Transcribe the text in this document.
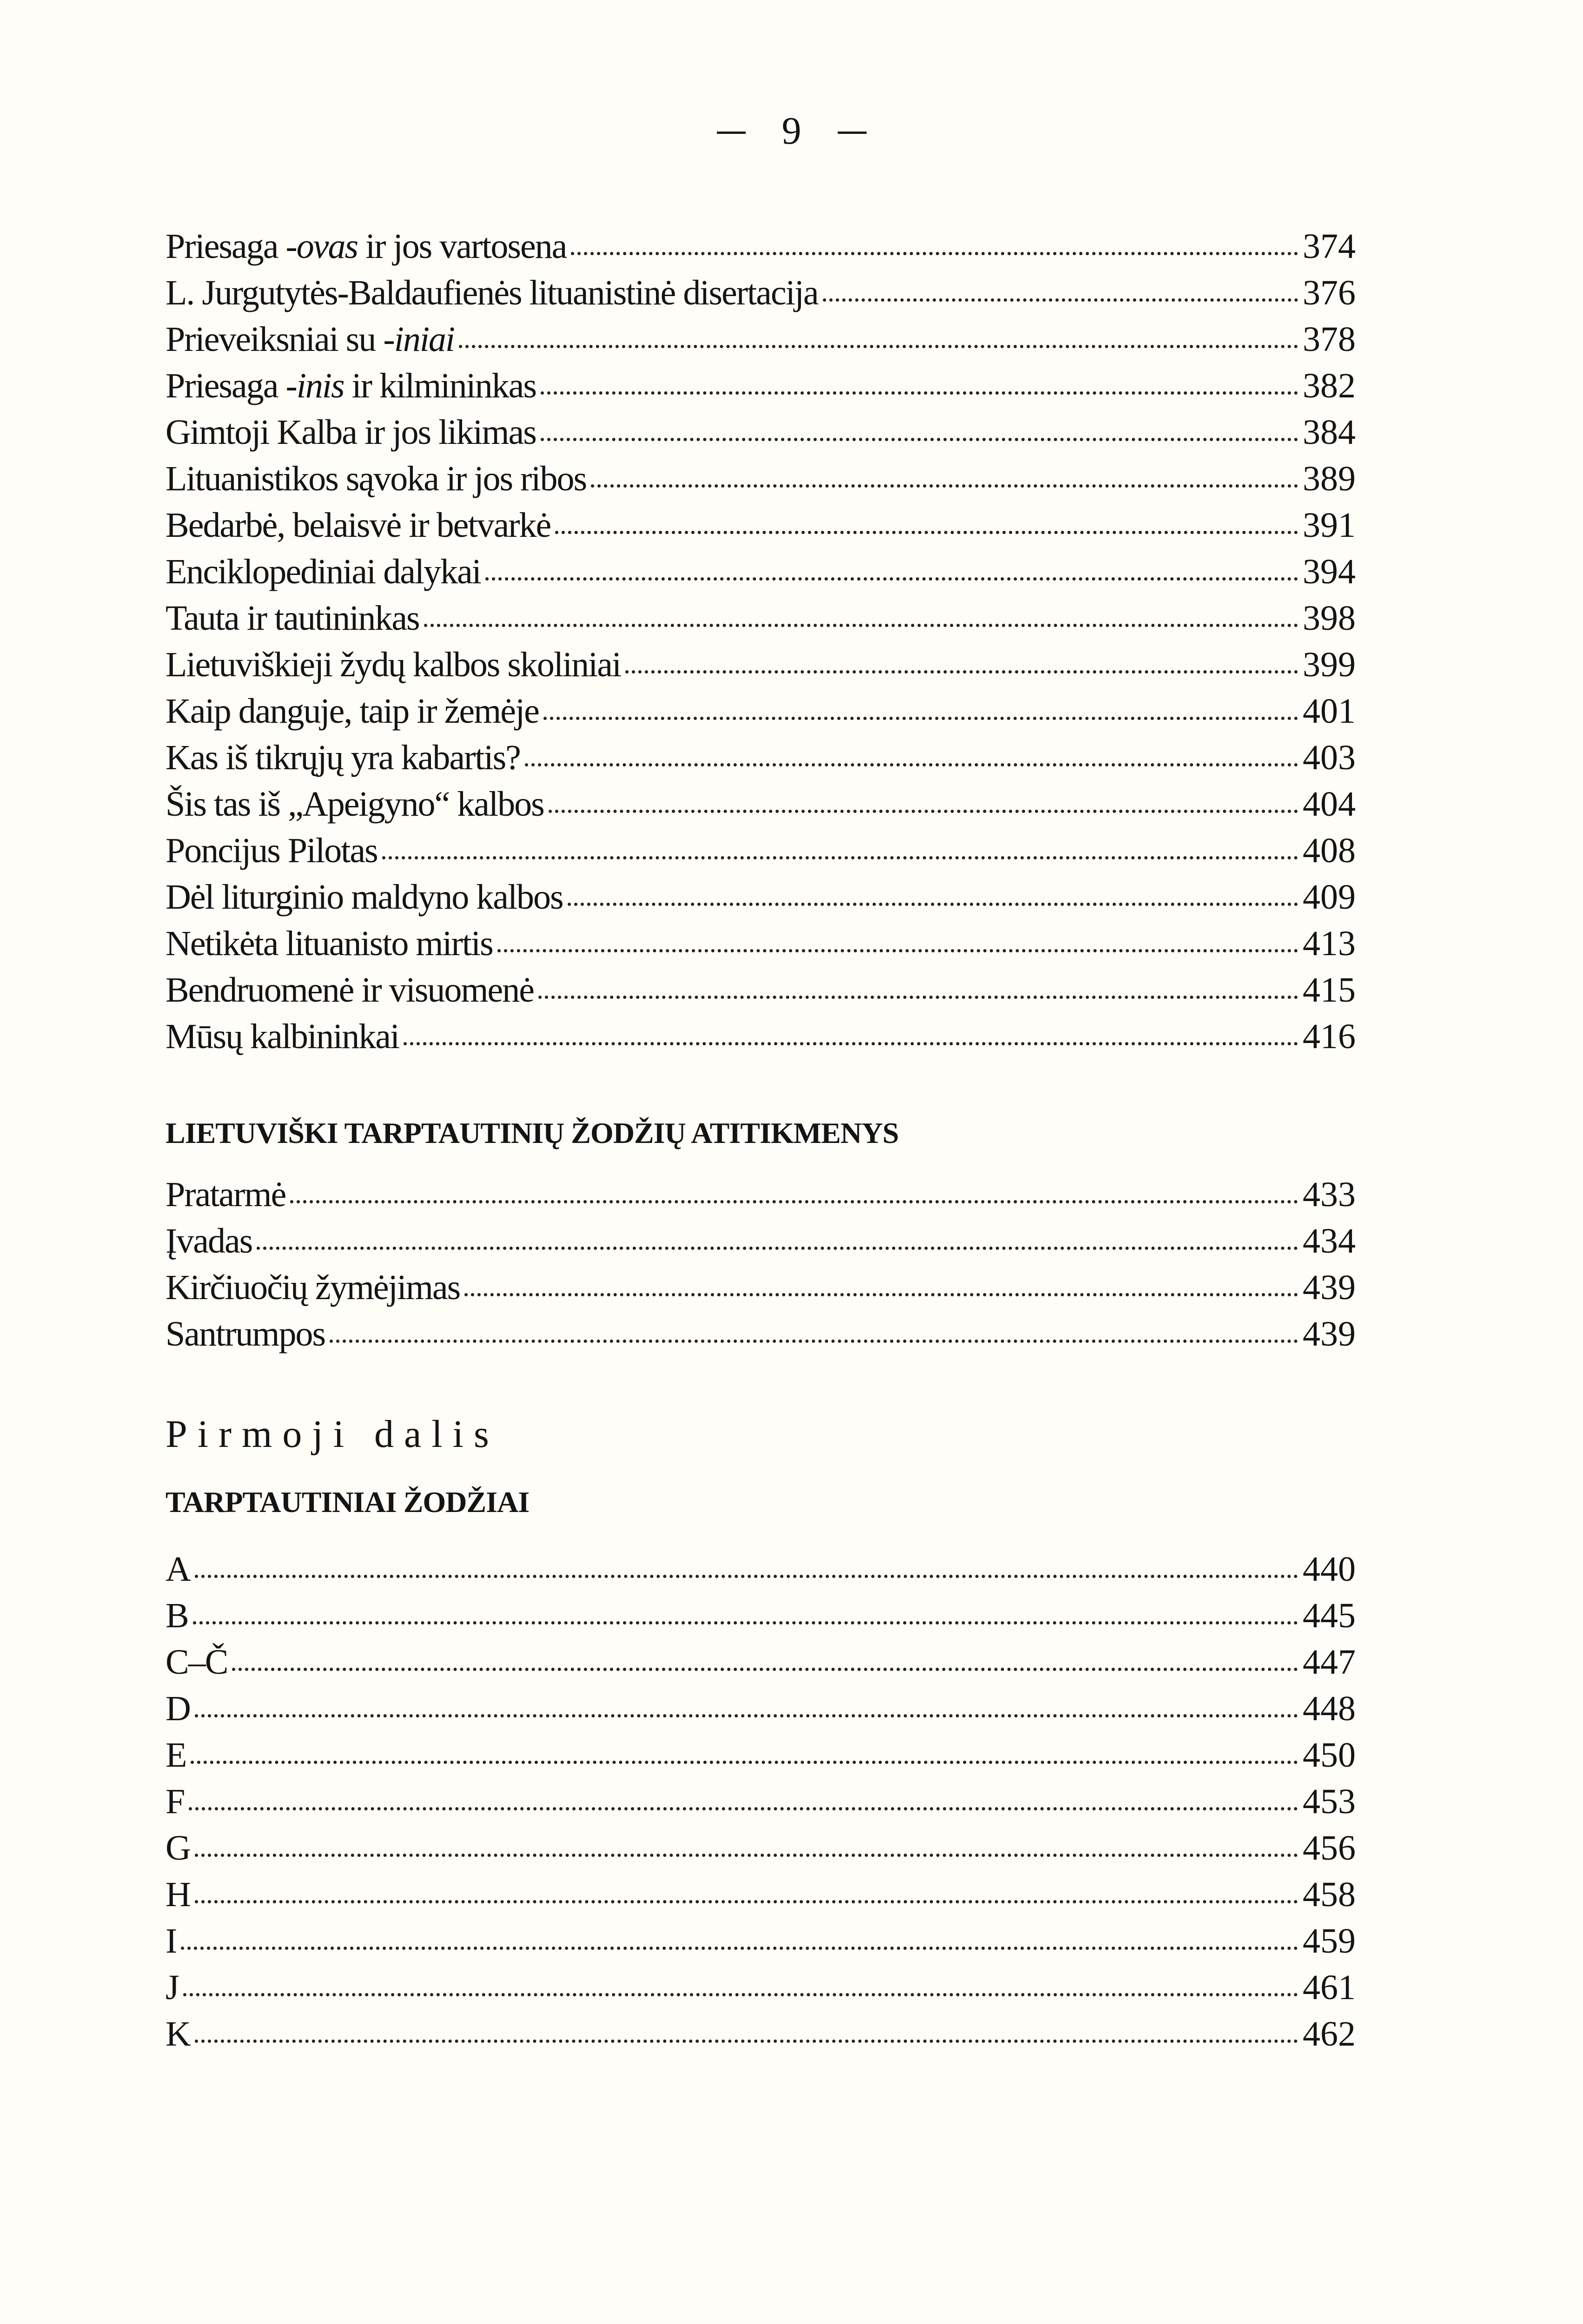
9
Priesaga -ovas ir jos vartosena	374
L. Jurgutytės-Baldaufienės lituanistinė disertacija	376
Prieveiksniai su -iniai	378
Priesaga -inis ir kilmininkas	382
Gimtoji Kalba ir jos likimas	384
Lituanistikos sąvoka ir jos ribos	389
Bedarbė, belaisvė ir betvarkė	391
Enciklopediniai dalykai	394
Tauta ir tautininkas	398
Lietuviškieji žydų kalbos skoliniai	399
Kaip danguje, taip ir žemėje	401
Kas iš tikrųjų yra kabartis?	403
Šis tas iš „Apeigyno“ kalbos	404
Poncijus Pilotas	408
Dėl liturginio maldyno kalbos	409
Netikėta lituanisto mirtis	413
Bendruomenė ir visuomenė	415
Mūsų kalbininkai	416
LIETUVIŠKI TARPTAUTINIŲ ŽODŽIŲ ATITIKMENYS
Pratarmė	433
Įvadas	434
Kirčiuočių žymėjimas	439
Santrumpos	439
Pirmoji dalis
TARPTAUTINIAI ŽODŽIAI
A	440
B	445
C–Č	447
D	448
E	450
F	453
G	456
H	458
I	459
J	461
K	462
